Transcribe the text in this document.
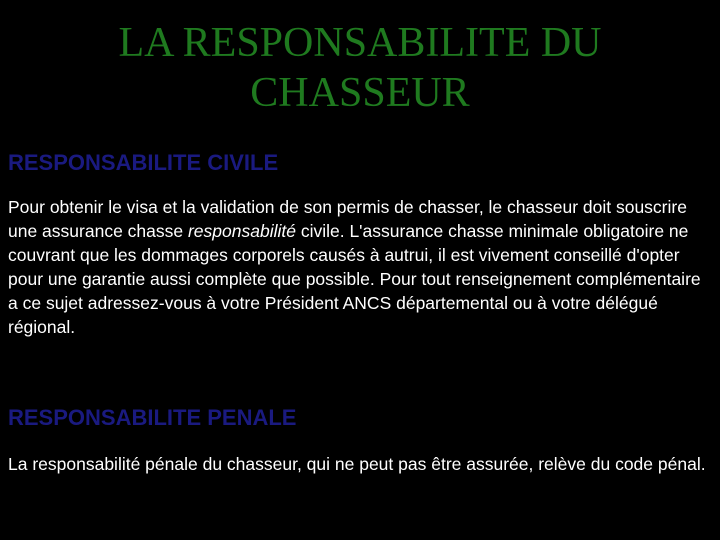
LA RESPONSABILITE DU
CHASSEUR
RESPONSABILITE CIVILE

Pour obtenir le visa et la validation de son permis de chasser, le chasseur doit souscrire une assurance chasse responsabilité civile. L'assurance chasse minimale obligatoire ne couvrant que les dommages corporels causés à autrui, il est vivement conseillé d'opter pour une garantie aussi complète que possible. Pour tout renseignement complémentaire a ce sujet adressez-vous à votre Président ANCS départemental ou à votre délégué régional.

RESPONSABILITE PENALE

La responsabilité pénale du chasseur, qui ne peut pas être assurée, relève du code pénal.
